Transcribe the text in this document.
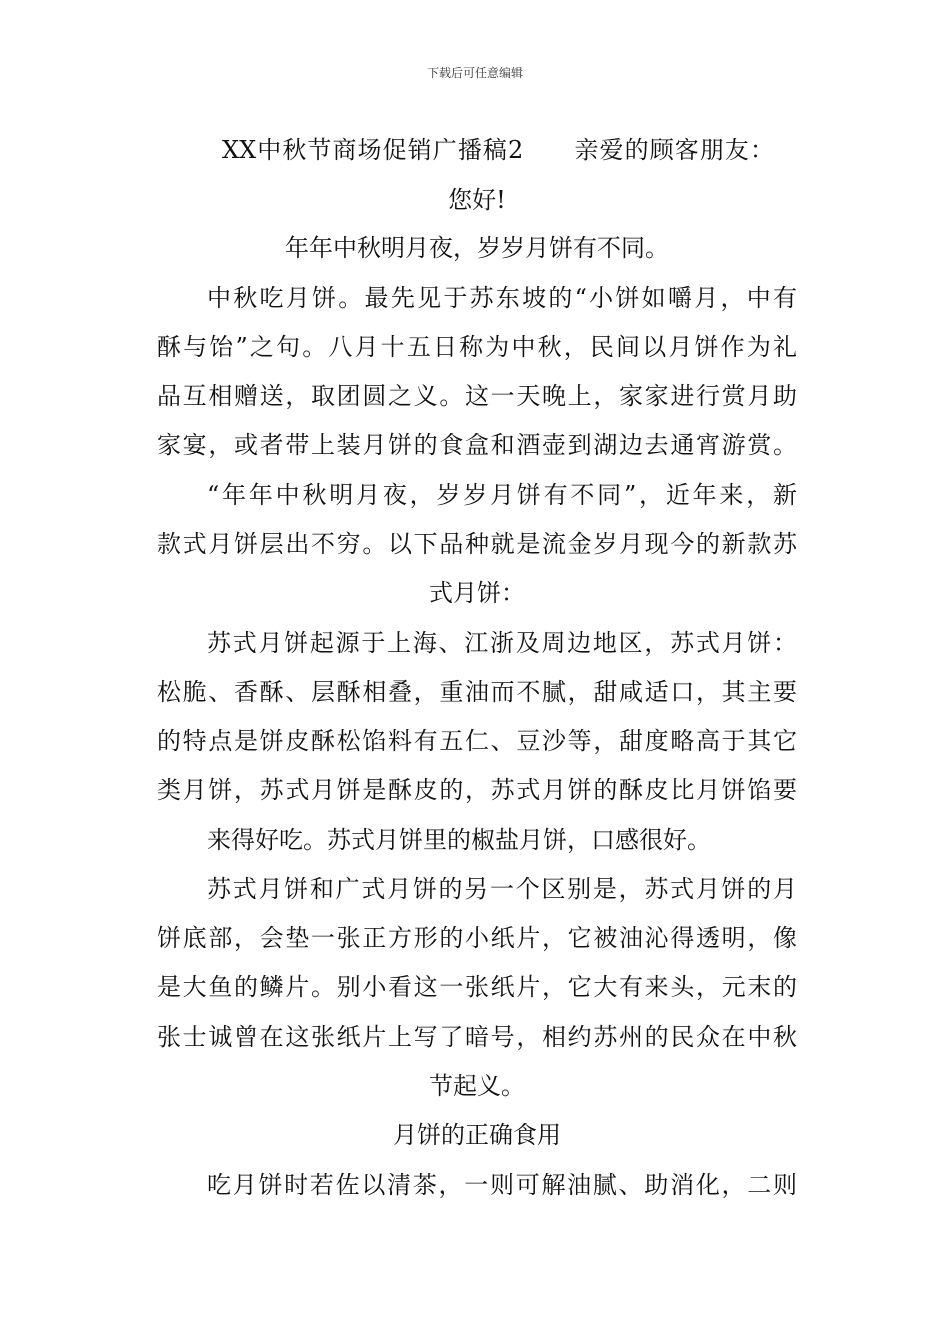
下载后可任意编辑
XX中秋节商场促销广播稿2　　亲爱的顾客朋友：
您好!
年年中秋明月夜，岁岁月饼有不同。
中秋吃月饼。最先见于苏东坡的“小饼如嚼月，中有
酥与饴”之句。八月十五日称为中秋，民间以月饼作为礼
品互相赠送，取团圆之义。这一天晚上，家家进行赏月助
家宴，或者带上装月饼的食盒和酒壶到湖边去通宵游赏。
“年年中秋明月夜，岁岁月饼有不同”，近年来，新
款式月饼层出不穷。以下品种就是流金岁月现今的新款苏
式月饼：
苏式月饼起源于上海、江浙及周边地区，苏式月饼：
松脆、香酥、层酥相叠，重油而不腻，甜咸适口，其主要
的特点是饼皮酥松馅料有五仁、豆沙等，甜度略高于其它
类月饼，苏式月饼是酥皮的，苏式月饼的酥皮比月饼馅要
来得好吃。苏式月饼里的椒盐月饼，口感很好。
苏式月饼和广式月饼的另一个区别是，苏式月饼的月
饼底部，会垫一张正方形的小纸片，它被油沁得透明，像
是大鱼的鳞片。别小看这一张纸片，它大有来头，元末的
张士诚曾在这张纸片上写了暗号，相约苏州的民众在中秋
节起义。
月饼的正确食用
吃月饼时若佐以清茶，一则可解油腻、助消化，二则
